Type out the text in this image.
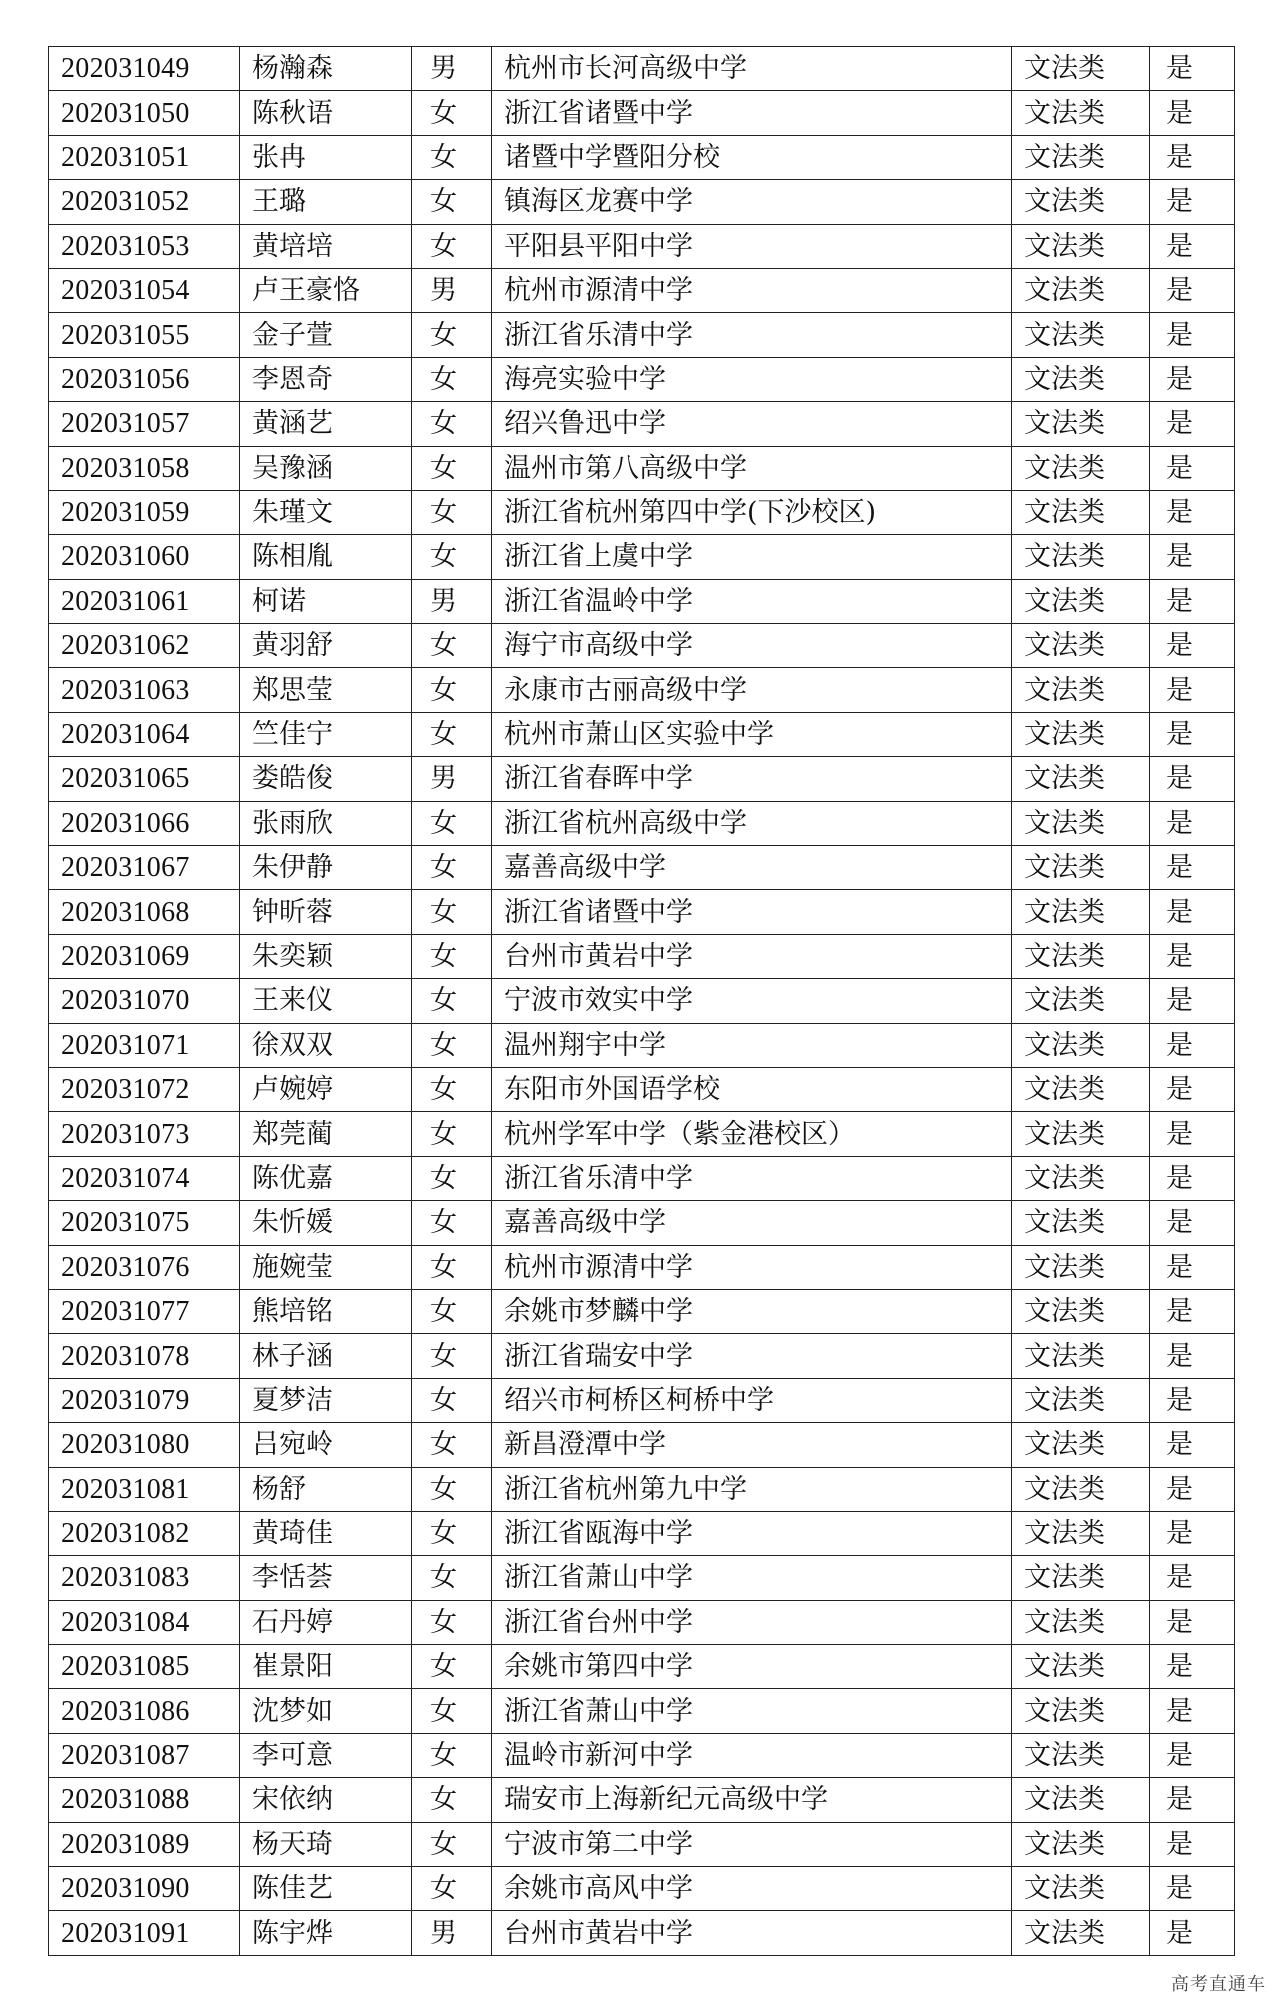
202031049	杨瀚森	男	杭州市长河高级中学	文法类	是
202031050	陈秋语	女	浙江省诸暨中学	文法类	是
202031051	张冉	女	诸暨中学暨阳分校	文法类	是
202031052	王璐	女	镇海区龙赛中学	文法类	是
202031053	黄培培	女	平阳县平阳中学	文法类	是
202031054	卢王豪恪	男	杭州市源清中学	文法类	是
202031055	金子萱	女	浙江省乐清中学	文法类	是
202031056	李恩奇	女	海亮实验中学	文法类	是
202031057	黄涵艺	女	绍兴鲁迅中学	文法类	是
202031058	吴豫涵	女	温州市第八高级中学	文法类	是
202031059	朱瑾文	女	浙江省杭州第四中学(下沙校区)	文法类	是
202031060	陈相胤	女	浙江省上虞中学	文法类	是
202031061	柯诺	男	浙江省温岭中学	文法类	是
202031062	黄羽舒	女	海宁市高级中学	文法类	是
202031063	郑思莹	女	永康市古丽高级中学	文法类	是
202031064	竺佳宁	女	杭州市萧山区实验中学	文法类	是
202031065	娄皓俊	男	浙江省春晖中学	文法类	是
202031066	张雨欣	女	浙江省杭州高级中学	文法类	是
202031067	朱伊静	女	嘉善高级中学	文法类	是
202031068	钟昕蓉	女	浙江省诸暨中学	文法类	是
202031069	朱奕颖	女	台州市黄岩中学	文法类	是
202031070	王来仪	女	宁波市效实中学	文法类	是
202031071	徐双双	女	温州翔宇中学	文法类	是
202031072	卢婉婷	女	东阳市外国语学校	文法类	是
202031073	郑莞蔺	女	杭州学军中学（紫金港校区）	文法类	是
202031074	陈优嘉	女	浙江省乐清中学	文法类	是
202031075	朱忻媛	女	嘉善高级中学	文法类	是
202031076	施婉莹	女	杭州市源清中学	文法类	是
202031077	熊培铭	女	余姚市梦麟中学	文法类	是
202031078	林子涵	女	浙江省瑞安中学	文法类	是
202031079	夏梦洁	女	绍兴市柯桥区柯桥中学	文法类	是
202031080	吕宛岭	女	新昌澄潭中学	文法类	是
202031081	杨舒	女	浙江省杭州第九中学	文法类	是
202031082	黄琦佳	女	浙江省瓯海中学	文法类	是
202031083	李恬荟	女	浙江省萧山中学	文法类	是
202031084	石丹婷	女	浙江省台州中学	文法类	是
202031085	崔景阳	女	余姚市第四中学	文法类	是
202031086	沈梦如	女	浙江省萧山中学	文法类	是
202031087	李可意	女	温岭市新河中学	文法类	是
202031088	宋依纳	女	瑞安市上海新纪元高级中学	文法类	是
202031089	杨天琦	女	宁波市第二中学	文法类	是
202031090	陈佳艺	女	余姚市高风中学	文法类	是
202031091	陈宇烨	男	台州市黄岩中学	文法类	是
高考直通车
